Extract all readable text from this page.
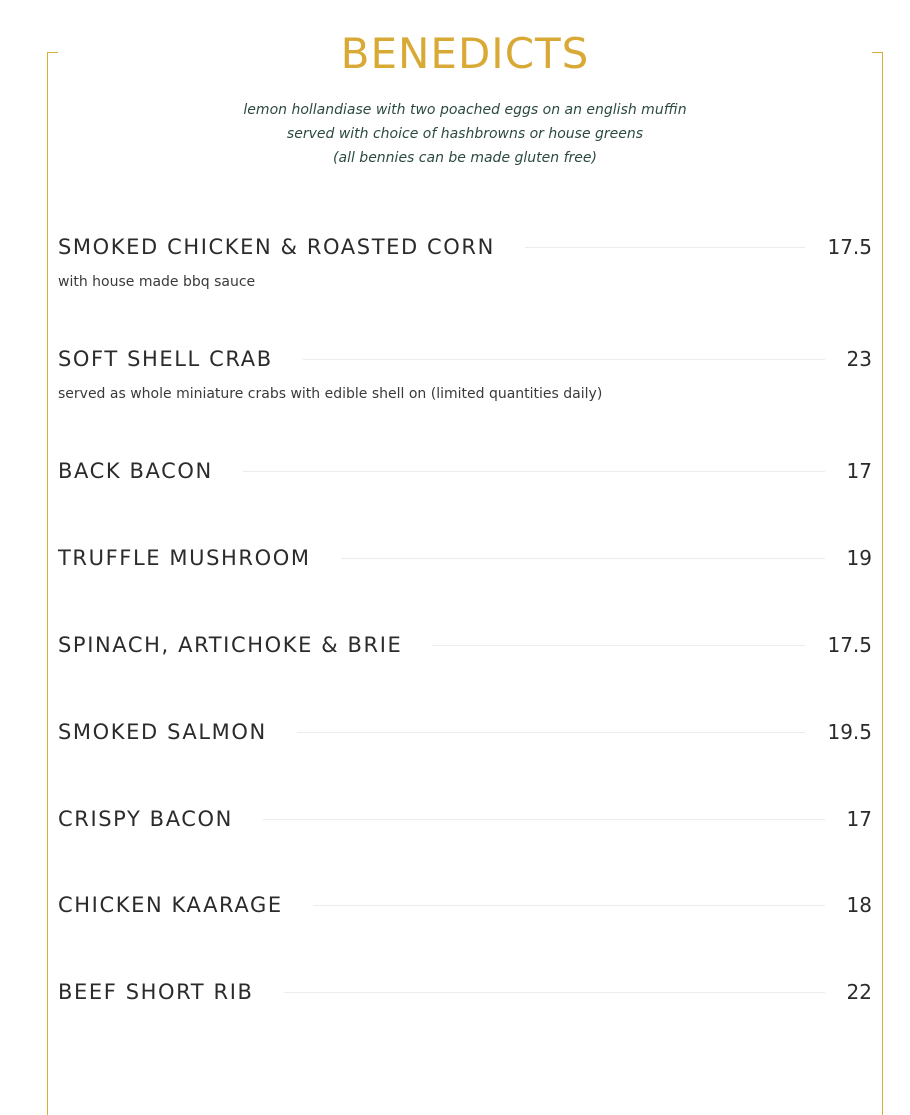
BENEDICTS
lemon hollandiase with two poached eggs on an english muffin
served with choice of hashbrowns or house greens
(all bennies can be made gluten free)
SMOKED CHICKEN & ROASTED CORN	17.5
with house made bbq sauce
SOFT SHELL CRAB	23
served as whole miniature crabs with edible shell on (limited quantities daily)
BACK BACON	17
TRUFFLE MUSHROOM	19
SPINACH, ARTICHOKE & BRIE	17.5
SMOKED SALMON	19.5
CRISPY BACON	17
CHICKEN KAARAGE	18
BEEF SHORT RIB	22
